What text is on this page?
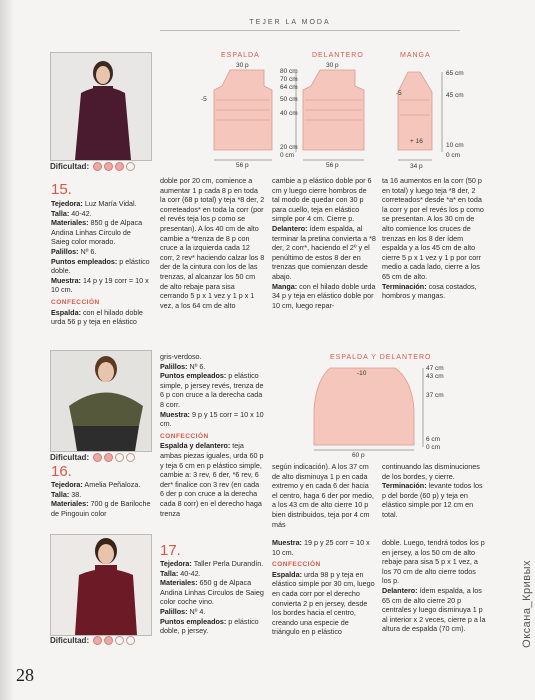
TEJER LA MODA
Dificultad:
15.

Tejedora: Luz María Vidal.

Talla: 40-42.

Materiales: 850 g de Alpaca Andina Linhas Circulo de Saieg color morado.

Palillos: Nº 6.

Puntos empleados: p elástico doble.

Muestra: 14 p y 19 corr = 10 x 10 cm.

CONFECCIÓN

Espalda: con el hilado doble urda 56 p y teja en elástico

doble por 20 cm, comience a aumentar 1 p cada 8 p en toda la corr (68 p total) y teja *8 der, 2 correteados* en toda la corr (por el revés teja los p como se presentan). A los 40 cm de alto cambie a *trenza de 8 p con cruce a la izquierda cada 12 corr, 2 rev* haciendo calzar los 8 der de la cintura con los de las trenzas, al alcanzar los 50 cm de alto rebaje para sisa cerrando 5 p x 1 vez y 1 p x 1 vez, a los 64 cm de alto

cambie a p elástico doble por 6 cm y luego cierre hombros de tal modo de quedar con 30 p para cuello, teja en elástico simple por 4 cm. Cierre p.

Delantero: ídem espalda, al terminar la pretina convierta a *8 der, 2 corr*, haciendo el 2º y el penúltimo de estos 8 der en trenzas que comienzan desde abajo.

Manga: con el hilado doble urda 34 p y teja en elástico doble por 10 cm, luego repar-

ta 16 aumentos en la corr (50 p en total) y luego teja *8 der, 2 correteados* desde *a* en toda la corr y por el revés los p como se presentan. A los 30 cm de alto comience los cruces de trenzas en los 8 der ídem espalda y a los 45 cm de alto cierre 5 p x 1 vez y 1 p por corr medio a cada lado, cierre a los 65 cm de alto.

Terminación: cosa costados, hombros y mangas.

ESPALDA	DELANTERO	MANGA
30 p
-5
56 p
30 p
56 p
80 cm
70 cm
64 cm
50 cm
40 cm
20 cm
0 cm
-5
+ 16
34 p
65 cm
45 cm
10 cm
0 cm
Dificultad:
16.

Tejedora: Amelia Peñaloza.

Talla: 38.

Materiales: 700 g de Bariloche de Pingouin color

gris-verdoso.

Palillos: Nº 6.

Puntos empleados: p elástico simple, p jersey revés, trenza de 6 p con cruce a la derecha cada 8 corr.

Muestra: 9 p y 15 corr = 10 x 10 cm.

CONFECCIÓN

Espalda y delantero: teja ambas piezas iguales, urda 60 p y teja 6 cm en p elástico simple, cambie a: 3 rev, 6 der, *6 rev, 6 der* finalice con 3 rev (en cada 6 der p con cruce a la derecha cada 8 corr) en el derecho haga trenza

según indicación). A los 37 cm de alto disminuya 1 p en cada extremo y en cada 6 der hacia el centro, haga 6 der por medio, a los 43 cm de alto cierre 10 p bien distribuidos, teja por 4 cm más

continuando las disminuciones de los bordes, y cierre.

Terminación: levante todos los p del borde (60 p) y teja en elástico simple por 12 cm en total.

ESPALDA Y DELANTERO
-10
60 p
47 cm
43 cm
37 cm
6 cm
0 cm
Dificultad:
17.

Tejedora: Taller Perla Durandín.

Talla: 40-42.

Materiales: 650 g de Alpaca Andina Linhas Circulos de Saieg color coche vino.

Palillos: Nº 4.

Puntos empleados: p elástico doble, p jersey.

Muestra: 19 p y 25 corr = 10 x 10 cm.

CONFECCIÓN

Espalda: urda 98 p y teja en elástico simple por 30 cm, luego en cada corr por el derecho convierta 2 p en jersey, desde los bordes hacia el centro, creando una especie de triángulo en p elástico

doble. Luego, tendrá todos los p en jersey, a los 50 cm de alto rebaje para sisa 5 p x 1 vez, a los 70 cm de alto cierre todos los p.

Delantero: ídem espalda, a los 65 cm de alto cierre 20 p centrales y luego disminuya 1 p al interior x 2 veces, cierre p a la altura de espalda (70 cm).

28
Оксана_Кривых
